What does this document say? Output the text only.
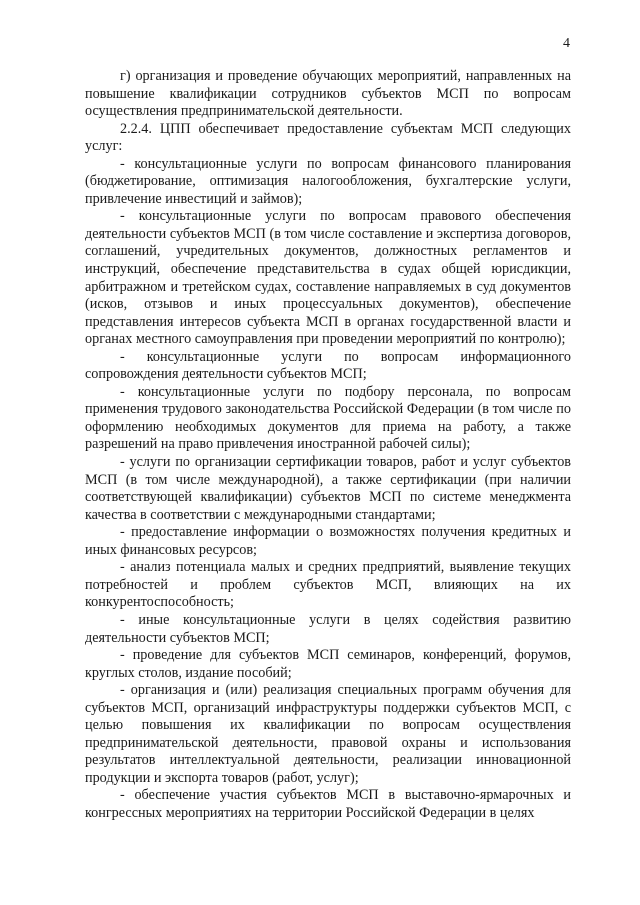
4

г) организация и проведение обучающих мероприятий, направленных на повышение квалификации сотрудников субъектов МСП по вопросам осуществления предпринимательской деятельности.

2.2.4. ЦПП обеспечивает предоставление субъектам МСП следующих услуг:

- консультационные услуги по вопросам финансового планирования (бюджетирование, оптимизация налогообложения, бухгалтерские услуги, привлечение инвестиций и займов);

- консультационные услуги по вопросам правового обеспечения деятельности субъектов МСП (в том числе составление и экспертиза договоров, соглашений, учредительных документов, должностных регламентов и инструкций, обеспечение представительства в судах общей юрисдикции, арбитражном и третейском судах, составление направляемых в суд документов (исков, отзывов и иных процессуальных документов), обеспечение представления интересов субъекта МСП в органах государственной власти и органах местного самоуправления при проведении мероприятий по контролю);

- консультационные услуги по вопросам информационного сопровождения деятельности субъектов МСП;

- консультационные услуги по подбору персонала, по вопросам применения трудового законодательства Российской Федерации (в том числе по оформлению необходимых документов для приема на работу, а также разрешений на право привлечения иностранной рабочей силы);

- услуги по организации сертификации товаров, работ и услуг субъектов МСП (в том числе международной), а также сертификации (при наличии соответствующей квалификации) субъектов МСП по системе менеджмента качества в соответствии с международными стандартами;

- предоставление информации о возможностях получения кредитных и иных финансовых ресурсов;

- анализ потенциала малых и средних предприятий, выявление текущих потребностей и проблем субъектов МСП, влияющих на их конкурентоспособность;

- иные консультационные услуги в целях содействия развитию деятельности субъектов МСП;

- проведение для субъектов МСП семинаров, конференций, форумов, круглых столов, издание пособий;

- организация и (или) реализация специальных программ обучения для субъектов МСП, организаций инфраструктуры поддержки субъектов МСП, с целью повышения их квалификации по вопросам осуществления предпринимательской деятельности, правовой охраны и использования результатов интеллектуальной деятельности, реализации инновационной продукции и экспорта товаров (работ, услуг);

- обеспечение участия субъектов МСП в выставочно-ярмарочных и конгрессных мероприятиях на территории Российской Федерации в целях
